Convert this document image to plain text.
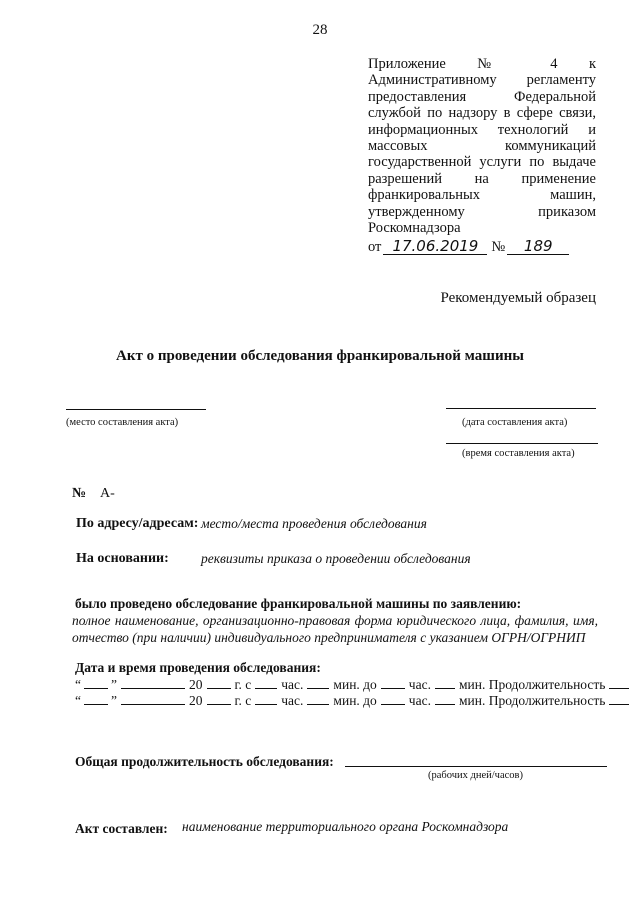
28
Приложение № 4 к
Административному регламенту
предоставления Федеральной
службой по надзору в сфере связи,
информационных технологий и
массовых коммуникаций
государственной услуги по выдаче
разрешений на применение
франкировальных машин,
утвержденному приказом
Роскомнадзора
от 17.06.2019 №	189
Рекомендуемый образец
Акт о проведении обследования франкировальной машины
(место составления акта)	(дата составления акта)
(время составления акта)
№ А-
По адресу/адресам: место/места проведения обследования
На основании: реквизиты приказа о проведении обследования
было проведено обследование франкировальной машины по заявлению:
полное наименование, организационно-правовая форма юридического лица, фамилия, имя,
отчество (при наличии) индивидуального предпринимателя с указанием ОГРН/ОГРНИП
Дата и время проведения обследования:
“ ”	20 г. с час. мин. до час. мин. Продолжительность
“ ”	20 г. с час. мин. до час. мин. Продолжительность
Общая продолжительность обследования:
(рабочих дней/часов)
Акт составлен: наименование территориального органа Роскомнадзора
